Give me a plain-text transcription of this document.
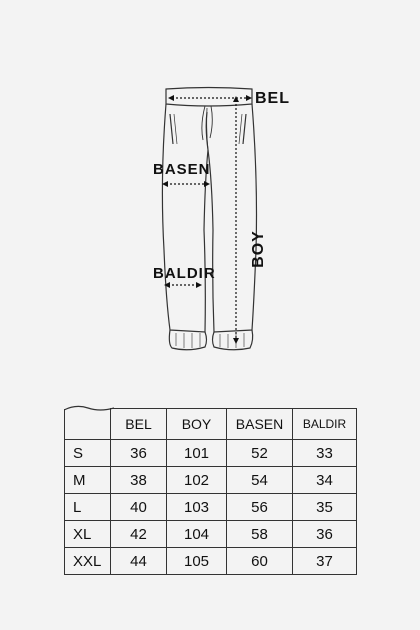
BEL
BASEN
BALDIR
BOY
	BEL	BOY	BASEN	BALDIR
S	36	101	52	33
M	38	102	54	34
L	40	103	56	35
XL	42	104	58	36
XXL	44	105	60	37
